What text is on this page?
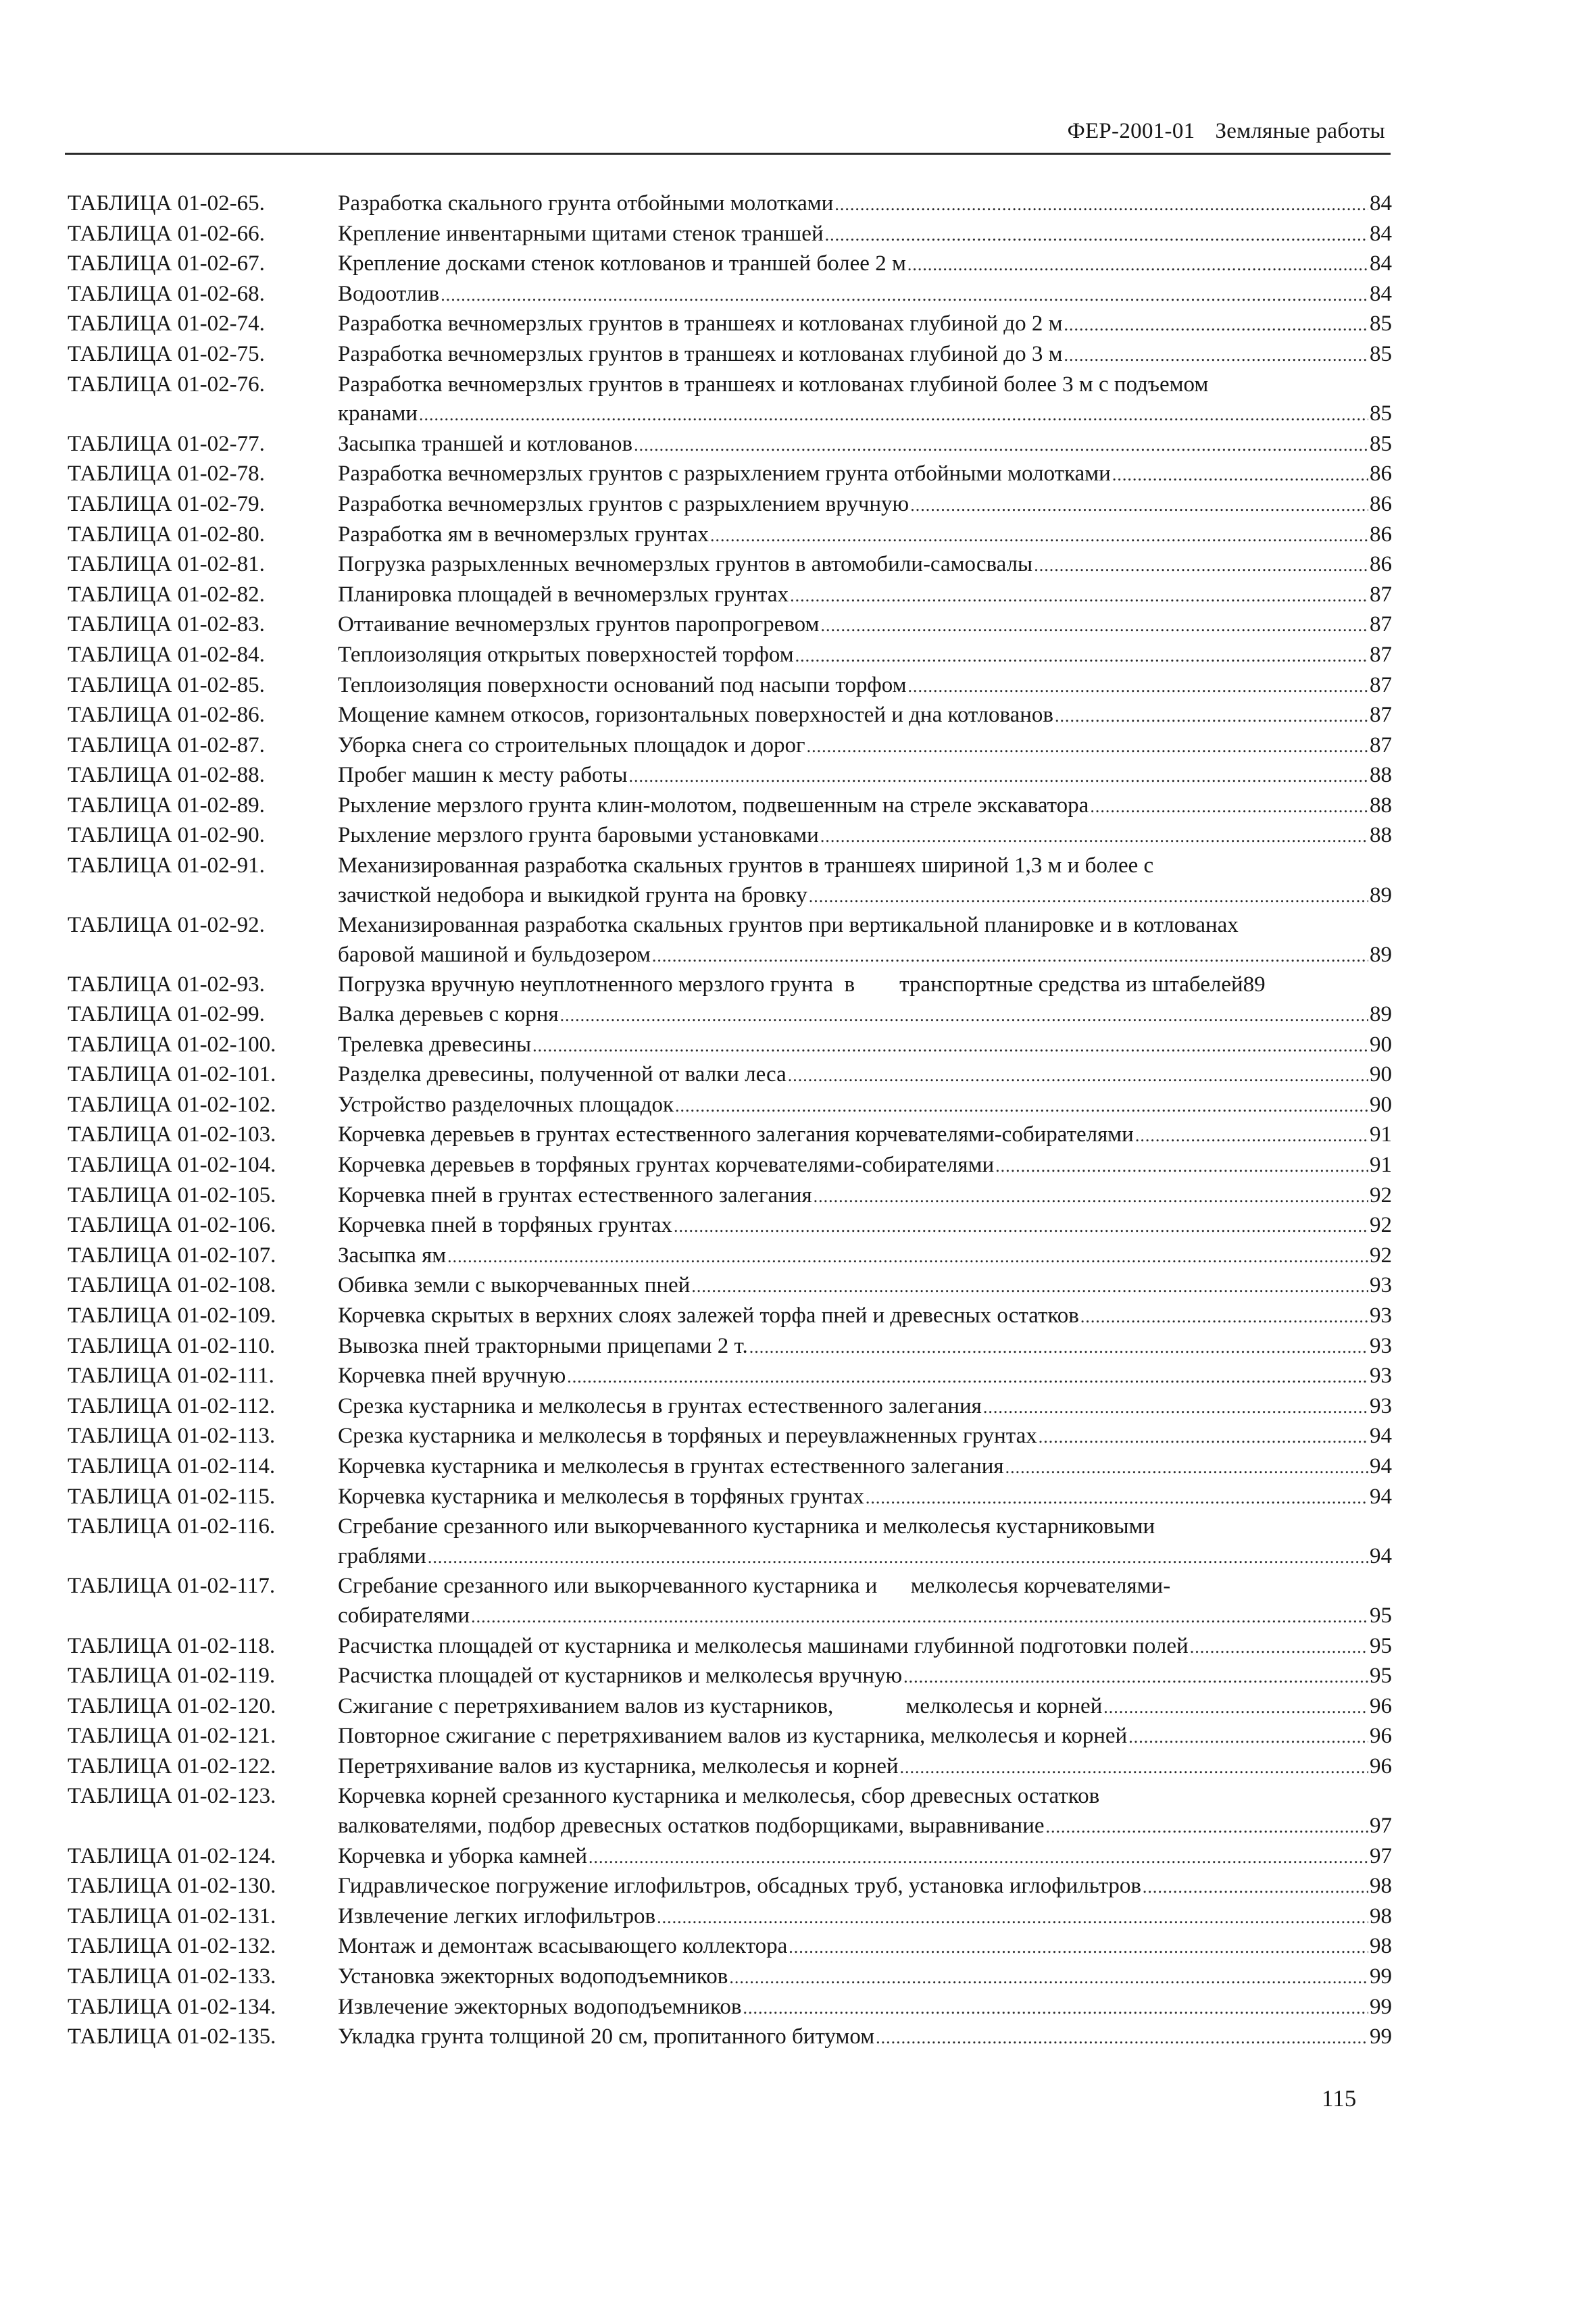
ФЕР-2001-01 Земляные работы
ТАБЛИЦА 01-02-65.	Разработка скального грунта отбойными молотками .....	84
ТАБЛИЦА 01-02-66.	Крепление инвентарными щитами стенок траншей .....	84
ТАБЛИЦА 01-02-67.	Крепление досками стенок котлованов и траншей более 2 м .....	84
ТАБЛИЦА 01-02-68.	Водоотлив .....	84
ТАБЛИЦА 01-02-74.	Разработка вечномерзлых грунтов в траншеях и котлованах глубиной до 2 м .....	85
ТАБЛИЦА 01-02-75.	Разработка вечномерзлых грунтов в траншеях и котлованах глубиной до 3 м .....	85
ТАБЛИЦА 01-02-76.	Разработка вечномерзлых грунтов в траншеях и котлованах глубиной более 3 м с подъемом
кранами .....	85
ТАБЛИЦА 01-02-77.	Засыпка траншей и котлованов .....	85
ТАБЛИЦА 01-02-78.	Разработка вечномерзлых грунтов с разрыхлением грунта отбойными молотками .....	86
ТАБЛИЦА 01-02-79.	Разработка вечномерзлых грунтов с разрыхлением вручную .....	86
ТАБЛИЦА 01-02-80.	Разработка ям в вечномерзлых грунтах .....	86
ТАБЛИЦА 01-02-81.	Погрузка разрыхленных вечномерзлых грунтов в автомобили-самосвалы .....	86
ТАБЛИЦА 01-02-82.	Планировка площадей в вечномерзлых грунтах .....	87
ТАБЛИЦА 01-02-83.	Оттаивание вечномерзлых грунтов паропрогревом .....	87
ТАБЛИЦА 01-02-84.	Теплоизоляция открытых поверхностей торфом .....	87
ТАБЛИЦА 01-02-85.	Теплоизоляция поверхности оснований под насыпи торфом .....	87
ТАБЛИЦА 01-02-86.	Мощение камнем откосов, горизонтальных поверхностей и дна котлованов .....	87
ТАБЛИЦА 01-02-87.	Уборка снега со строительных площадок и дорог .....	87
ТАБЛИЦА 01-02-88.	Пробег машин к месту работы .....	88
ТАБЛИЦА 01-02-89.	Рыхление мерзлого грунта клин-молотом, подвешенным на стреле экскаватора .....	88
ТАБЛИЦА 01-02-90.	Рыхление мерзлого грунта баровыми установками .....	88
ТАБЛИЦА 01-02-91.	Механизированная разработка скальных грунтов в траншеях шириной 1,3 м и более с
зачисткой недобора и выкидкой грунта на бровку .....	89
ТАБЛИЦА 01-02-92.	Механизированная разработка скальных грунтов при вертикальной планировке и в котлованах
баровой машиной и бульдозером .....	89
ТАБЛИЦА 01-02-93.	Погрузка вручную неуплотненного мерзлого грунта  в        транспортные средства из штабелей 89
ТАБЛИЦА 01-02-99.	Валка деревьев с корня .....	89
ТАБЛИЦА 01-02-100.	Трелевка древесины .....	90
ТАБЛИЦА 01-02-101.	Разделка древесины, полученной от валки леса .....	90
ТАБЛИЦА 01-02-102.	Устройство разделочных площадок .....	90
ТАБЛИЦА 01-02-103.	Корчевка деревьев в грунтах естественного залегания корчевателями-собирателями .....	91
ТАБЛИЦА 01-02-104.	Корчевка деревьев в торфяных грунтах корчевателями-собирателями .....	91
ТАБЛИЦА 01-02-105.	Корчевка пней в грунтах естественного залегания .....	92
ТАБЛИЦА 01-02-106.	Корчевка пней в торфяных грунтах .....	92
ТАБЛИЦА 01-02-107.	Засыпка ям .....	92
ТАБЛИЦА 01-02-108.	Обивка земли с выкорчеванных пней .....	93
ТАБЛИЦА 01-02-109.	Корчевка скрытых в верхних слоях залежей торфа пней и древесных остатков .....	93
ТАБЛИЦА 01-02-110.	Вывозка пней тракторными прицепами 2 т. .....	93
ТАБЛИЦА 01-02-111.	Корчевка пней вручную .....	93
ТАБЛИЦА 01-02-112.	Срезка кустарника и мелколесья в грунтах естественного залегания .....	93
ТАБЛИЦА 01-02-113.	Срезка кустарника и мелколесья в торфяных и переувлажненных грунтах .....	94
ТАБЛИЦА 01-02-114.	Корчевка кустарника и мелколесья в грунтах естественного залегания .....	94
ТАБЛИЦА 01-02-115.	Корчевка кустарника и мелколесья в торфяных грунтах .....	94
ТАБЛИЦА 01-02-116.	Сгребание срезанного или выкорчеванного кустарника и мелколесья кустарниковыми
граблями .....	94
ТАБЛИЦА 01-02-117.	Сгребание срезанного или выкорчеванного кустарника и      мелколесья корчевателями-
собирателями .....	95
ТАБЛИЦА 01-02-118.	Расчистка площадей от кустарника и мелколесья машинами глубинной подготовки полей .....	95
ТАБЛИЦА 01-02-119.	Расчистка площадей от кустарников и мелколесья вручную .....	95
ТАБЛИЦА 01-02-120.	Сжигание с перетряхиванием валов из кустарников,             мелколесья и корней .....	96
ТАБЛИЦА 01-02-121.	Повторное сжигание с перетряхиванием валов из кустарника, мелколесья и корней .....	96
ТАБЛИЦА 01-02-122.	Перетряхивание валов из кустарника, мелколесья и корней .....	96
ТАБЛИЦА 01-02-123.	Корчевка корней срезанного кустарника и мелколесья, сбор древесных остатков
валкователями, подбор древесных остатков подборщиками, выравнивание .....	97
ТАБЛИЦА 01-02-124.	Корчевка и уборка камней .....	97
ТАБЛИЦА 01-02-130.	Гидравлическое погружение иглофильтров, обсадных труб, установка иглофильтров .....	98
ТАБЛИЦА 01-02-131.	Извлечение легких иглофильтров .....	98
ТАБЛИЦА 01-02-132.	Монтаж и демонтаж всасывающего коллектора .....	98
ТАБЛИЦА 01-02-133.	Установка эжекторных водоподъемников .....	99
ТАБЛИЦА 01-02-134.	Извлечение эжекторных водоподъемников .....	99
ТАБЛИЦА 01-02-135.	Укладка грунта толщиной 20 см, пропитанного битумом .....	99
115
